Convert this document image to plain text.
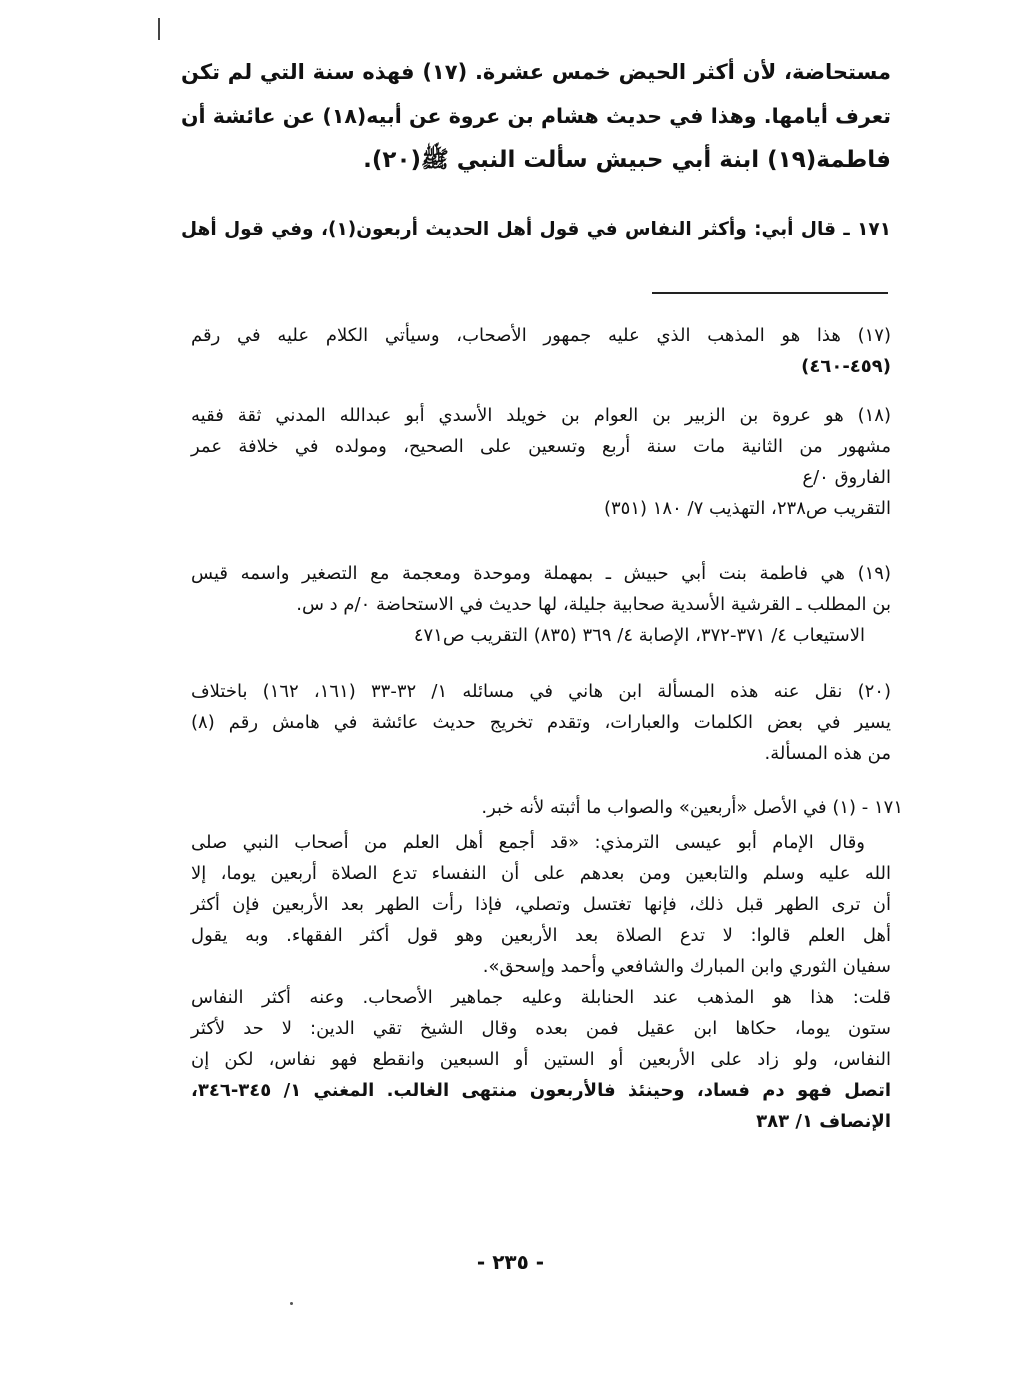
مستحاضة، لأن أكثر الحيض خمس عشرة. (١٧) فهذه سنة التي لم تكن
تعرف أيامها. وهذا في حديث هشام بن عروة عن أبيه(١٨) عن عائشة أن
فاطمة(١٩) ابنة أبي حبيش سألت النبي ﷺ(٢٠).
١٧١ ـ قال أبي: وأكثر النفاس في قول أهل الحديث أربعون(١)، وفي قول أهل
(١٧) هذا هو المذهب الذي عليه جمهور الأصحاب، وسيأتي الكلام عليه في رقم
(٤٥٩-٤٦٠)
(١٨) هو عروة بن الزبير بن العوام بن خويلد الأسدي أبو عبدالله المدني ثقة فقيه
مشهور من الثانية مات سنة أربع وتسعين على الصحيح، ومولده في خلافة عمر
الفاروق ٠/ع
التقريب ص٢٣٨، التهذيب ٧/ ١٨٠ (٣٥١)
(١٩) هي فاطمة بنت أبي حبيش ـ بمهملة وموحدة ومعجمة مع التصغير واسمه قيس
بن المطلب ـ القرشية الأسدية صحابية جليلة، لها حديث في الاستحاضة ٠/م د س.
الاستيعاب ٤/ ٣٧١-٣٧٢، الإصابة ٤/ ٣٦٩ (٨٣٥) التقريب ص٤٧١
(٢٠) نقل عنه هذه المسألة ابن هاني في مسائله ١/ ٣٢-٣٣ (١٦١، ١٦٢) باختلاف
يسير في بعض الكلمات والعبارات، وتقدم تخريج حديث عائشة في هامش رقم (٨)
من هذه المسألة.
١٧١ - (١) في الأصل «أربعين» والصواب ما أثبته لأنه خبر.
وقال الإمام أبو عيسى الترمذي: «قد أجمع أهل العلم من أصحاب النبي صلى
الله عليه وسلم والتابعين ومن بعدهم على أن النفساء تدع الصلاة أربعين يوما، إلا
أن ترى الطهر قبل ذلك، فإنها تغتسل وتصلي، فإذا رأت الطهر بعد الأربعين فإن أكثر
أهل العلم قالوا: لا تدع الصلاة بعد الأربعين وهو قول أكثر الفقهاء. وبه يقول
سفيان الثوري وابن المبارك والشافعي وأحمد وإسحق».
قلت: هذا هو المذهب عند الحنابلة وعليه جماهير الأصحاب. وعنه أكثر النفاس
ستون يوما، حكاها ابن عقيل فمن بعده وقال الشيخ تقي الدين: لا حد لأكثر
النفاس، ولو زاد على الأربعين أو الستين أو السبعين وانقطع فهو نفاس، لكن إن
اتصل فهو دم فساد، وحينئذ فالأربعون منتهى الغالب. المغني ١/ ٣٤٥-٣٤٦،
الإنصاف ١/ ٣٨٣
- ٢٣٥ -
